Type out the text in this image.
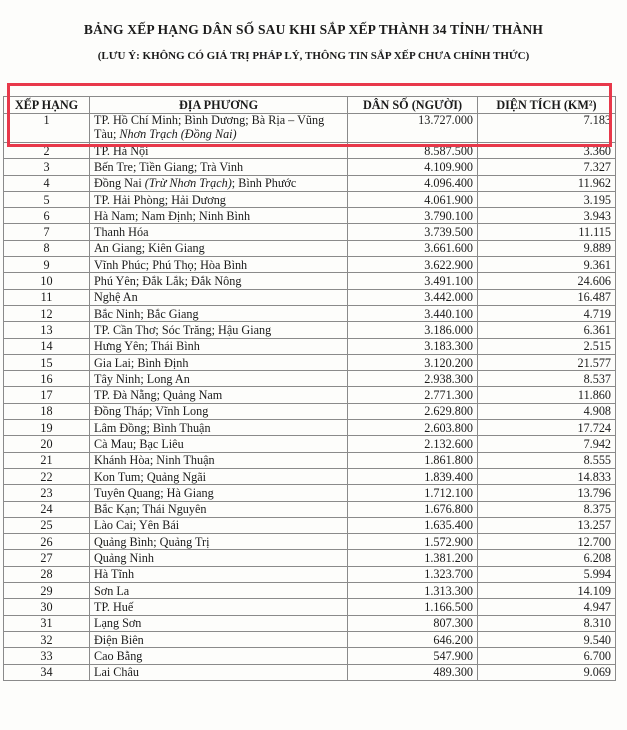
BẢNG XẾP HẠNG DÂN SỐ SAU KHI SẮP XẾP THÀNH 34 TỈNH/ THÀNH
(LƯU Ý: KHÔNG CÓ GIÁ TRỊ PHÁP LÝ, THÔNG TIN SẮP XẾP CHƯA CHÍNH THỨC)
XẾP HẠNG	ĐỊA PHƯƠNG	DÂN SỐ (NGƯỜI)	DIỆN TÍCH (KM²)
1	TP. Hồ Chí Minh; Bình Dương; Bà Rịa – Vũng Tàu; Nhơn Trạch (Đồng Nai)	13.727.000	7.183
2	TP. Hà Nội	8.587.500	3.360
3	Bến Tre; Tiền Giang; Trà Vinh	4.109.900	7.327
4	Đồng Nai (Trừ Nhơn Trạch); Bình Phước	4.096.400	11.962
5	TP. Hải Phòng; Hải Dương	4.061.900	3.195
6	Hà Nam; Nam Định; Ninh Bình	3.790.100	3.943
7	Thanh Hóa	3.739.500	11.115
8	An Giang; Kiên Giang	3.661.600	9.889
9	Vĩnh Phúc; Phú Thọ; Hòa Bình	3.622.900	9.361
10	Phú Yên; Đắk Lắk; Đắk Nông	3.491.100	24.606
11	Nghệ An	3.442.000	16.487
12	Bắc Ninh; Bắc Giang	3.440.100	4.719
13	TP. Cần Thơ; Sóc Trăng; Hậu Giang	3.186.000	6.361
14	Hưng Yên; Thái Bình	3.183.300	2.515
15	Gia Lai; Bình Định	3.120.200	21.577
16	Tây Ninh; Long An	2.938.300	8.537
17	TP. Đà Nẵng; Quảng Nam	2.771.300	11.860
18	Đồng Tháp; Vĩnh Long	2.629.800	4.908
19	Lâm Đồng; Bình Thuận	2.603.800	17.724
20	Cà Mau; Bạc Liêu	2.132.600	7.942
21	Khánh Hòa; Ninh Thuận	1.861.800	8.555
22	Kon Tum; Quảng Ngãi	1.839.400	14.833
23	Tuyên Quang; Hà Giang	1.712.100	13.796
24	Bắc Kạn; Thái Nguyên	1.676.800	8.375
25	Lào Cai; Yên Bái	1.635.400	13.257
26	Quảng Bình; Quảng Trị	1.572.900	12.700
27	Quảng Ninh	1.381.200	6.208
28	Hà Tĩnh	1.323.700	5.994
29	Sơn La	1.313.300	14.109
30	TP. Huế	1.166.500	4.947
31	Lạng Sơn	807.300	8.310
32	Điện Biên	646.200	9.540
33	Cao Bằng	547.900	6.700
34	Lai Châu	489.300	9.069
